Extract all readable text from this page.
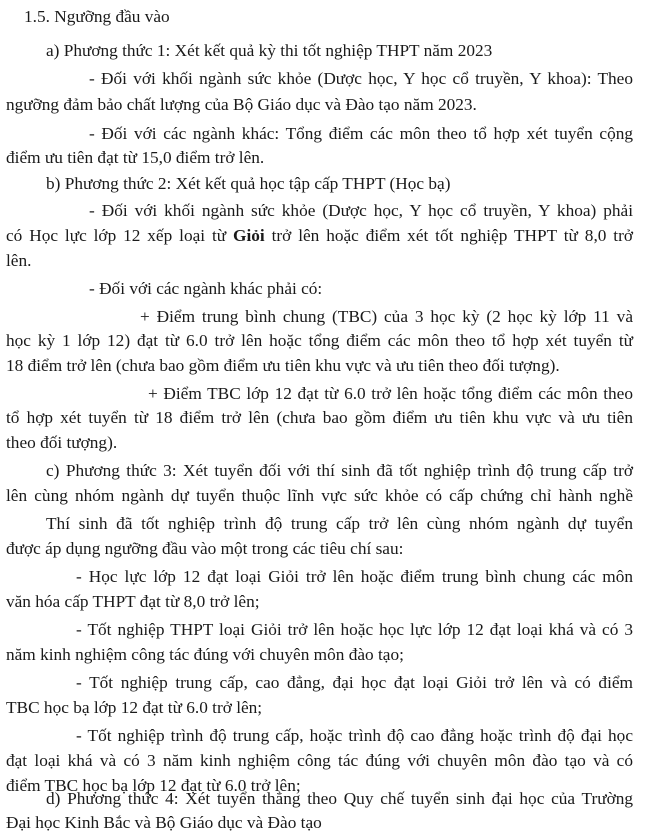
1.5. Ngưỡng đầu vào
a) Phương thức 1: Xét kết quả kỳ thi tốt nghiệp THPT năm 2023
- Đối với khối ngành sức khỏe (Dược học, Y học cổ truyền, Y khoa): Theo
ngưỡng đảm bảo chất lượng của Bộ Giáo dục và Đào tạo năm 2023.
- Đối với các ngành khác: Tổng điểm các môn theo tổ hợp xét tuyển cộng
điểm ưu tiên đạt từ 15,0 điểm trở lên.
b) Phương thức 2: Xét kết quả học tập cấp THPT (Học bạ)
- Đối với khối ngành sức khỏe (Dược học, Y học cổ truyền, Y khoa) phải
có Học lực lớp 12 xếp loại từ Giỏi trở lên hoặc điểm xét tốt nghiệp THPT từ 8,0 trở
lên.
- Đối với các ngành khác phải có:
+ Điểm trung bình chung (TBC) của 3 học kỳ (2 học kỳ lớp 11 và
học kỳ 1 lớp 12) đạt từ 6.0 trở lên hoặc tổng điểm các môn theo tổ hợp xét tuyển từ
18 điểm trở lên (chưa bao gồm điểm ưu tiên khu vực và ưu tiên theo đối tượng).
+ Điểm TBC lớp 12 đạt từ 6.0 trở lên hoặc tổng điểm các môn theo
tổ hợp xét tuyển từ 18 điểm trở lên (chưa bao gồm điểm ưu tiên khu vực và ưu tiên
theo đối tượng).
c) Phương thức 3: Xét tuyển đối với thí sinh đã tốt nghiệp trình độ trung cấp trở
lên cùng nhóm ngành dự tuyển thuộc lĩnh vực sức khỏe có cấp chứng chỉ hành nghề
Thí sinh đã tốt nghiệp trình độ trung cấp trở lên cùng nhóm ngành dự tuyển
được áp dụng ngưỡng đầu vào một trong các tiêu chí sau:
- Học lực lớp 12 đạt loại Giỏi trở lên hoặc điểm trung bình chung các môn
văn hóa cấp THPT đạt từ 8,0 trở lên;
- Tốt nghiệp THPT loại Giỏi trở lên hoặc học lực lớp 12 đạt loại khá và có 3
năm kinh nghiệm công tác đúng với chuyên môn đào tạo;
- Tốt nghiệp trung cấp, cao đẳng, đại học đạt loại Giỏi trở lên và có điểm
TBC học bạ lớp 12 đạt từ 6.0 trở lên;
- Tốt nghiệp trình độ trung cấp, hoặc trình độ cao đẳng hoặc trình độ đại học
đạt loại khá và có 3 năm kinh nghiệm công tác đúng với chuyên môn đào tạo và có
điểm TBC học bạ lớp 12 đạt từ 6.0 trở lên;
d) Phương thức 4: Xét tuyển thẳng theo Quy chế tuyển sinh đại học của Trường
Đại học Kinh Bắc và Bộ Giáo dục và Đào tạo
